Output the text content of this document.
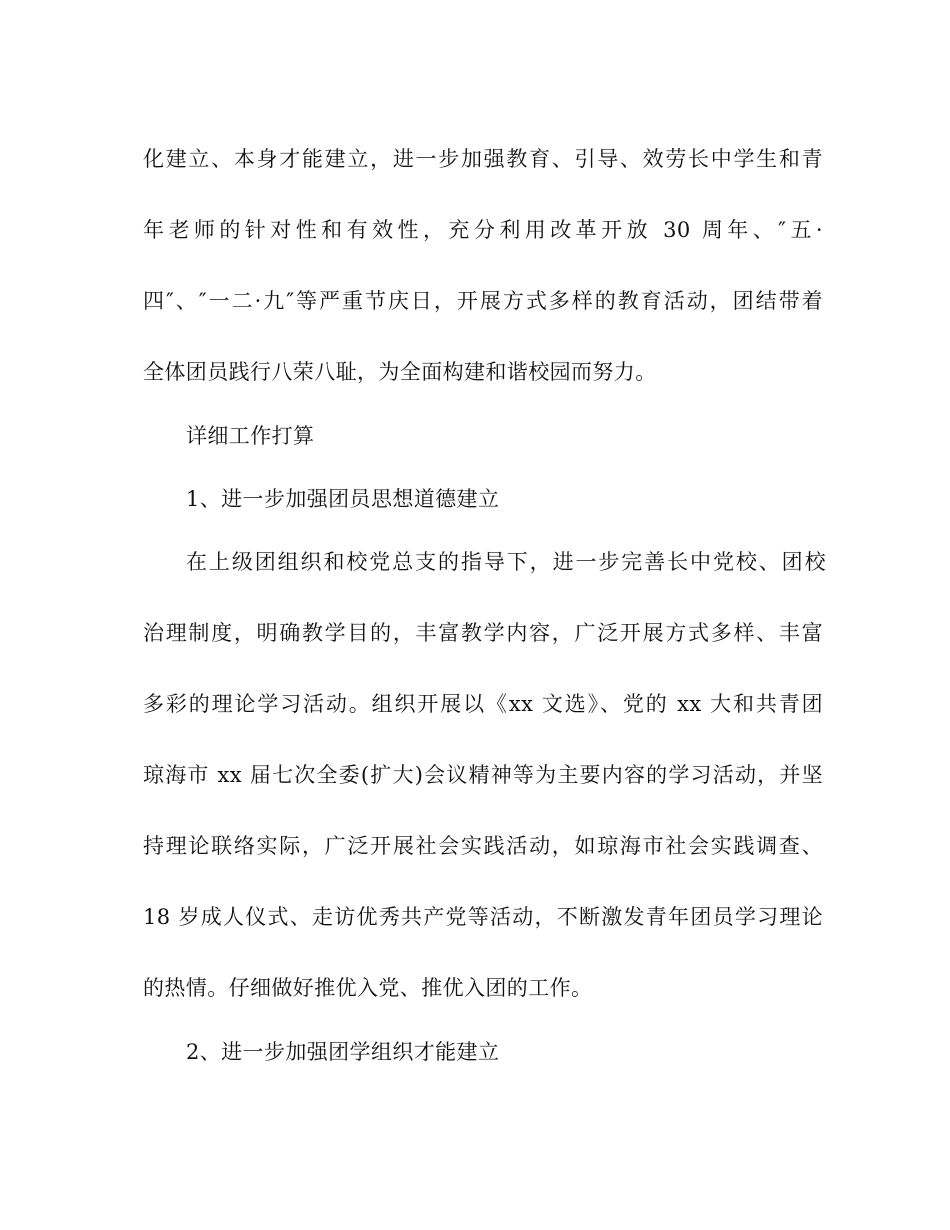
化建立、本身才能建立，进一步加强教育、引导、效劳长中学生和青
年老师的针对性和有效性，充分利用改革开放 30 周年、″五·
四″、″一二·九″等严重节庆日，开展方式多样的教育活动，团结带着
全体团员践行八荣八耻，为全面构建和谐校园而努力。
详细工作打算
1、进一步加强团员思想道德建立
在上级团组织和校党总支的指导下，进一步完善长中党校、团校
治理制度，明确教学目的，丰富教学内容，广泛开展方式多样、丰富
多彩的理论学习活动。组织开展以《xx 文选》、党的 xx 大和共青团
琼海市 xx 届七次全委(扩大)会议精神等为主要内容的学习活动，并坚
持理论联络实际，广泛开展社会实践活动，如琼海市社会实践调查、
18 岁成人仪式、走访优秀共产党等活动，不断激发青年团员学习理论
的热情。仔细做好推优入党、推优入团的工作。
2、进一步加强团学组织才能建立
